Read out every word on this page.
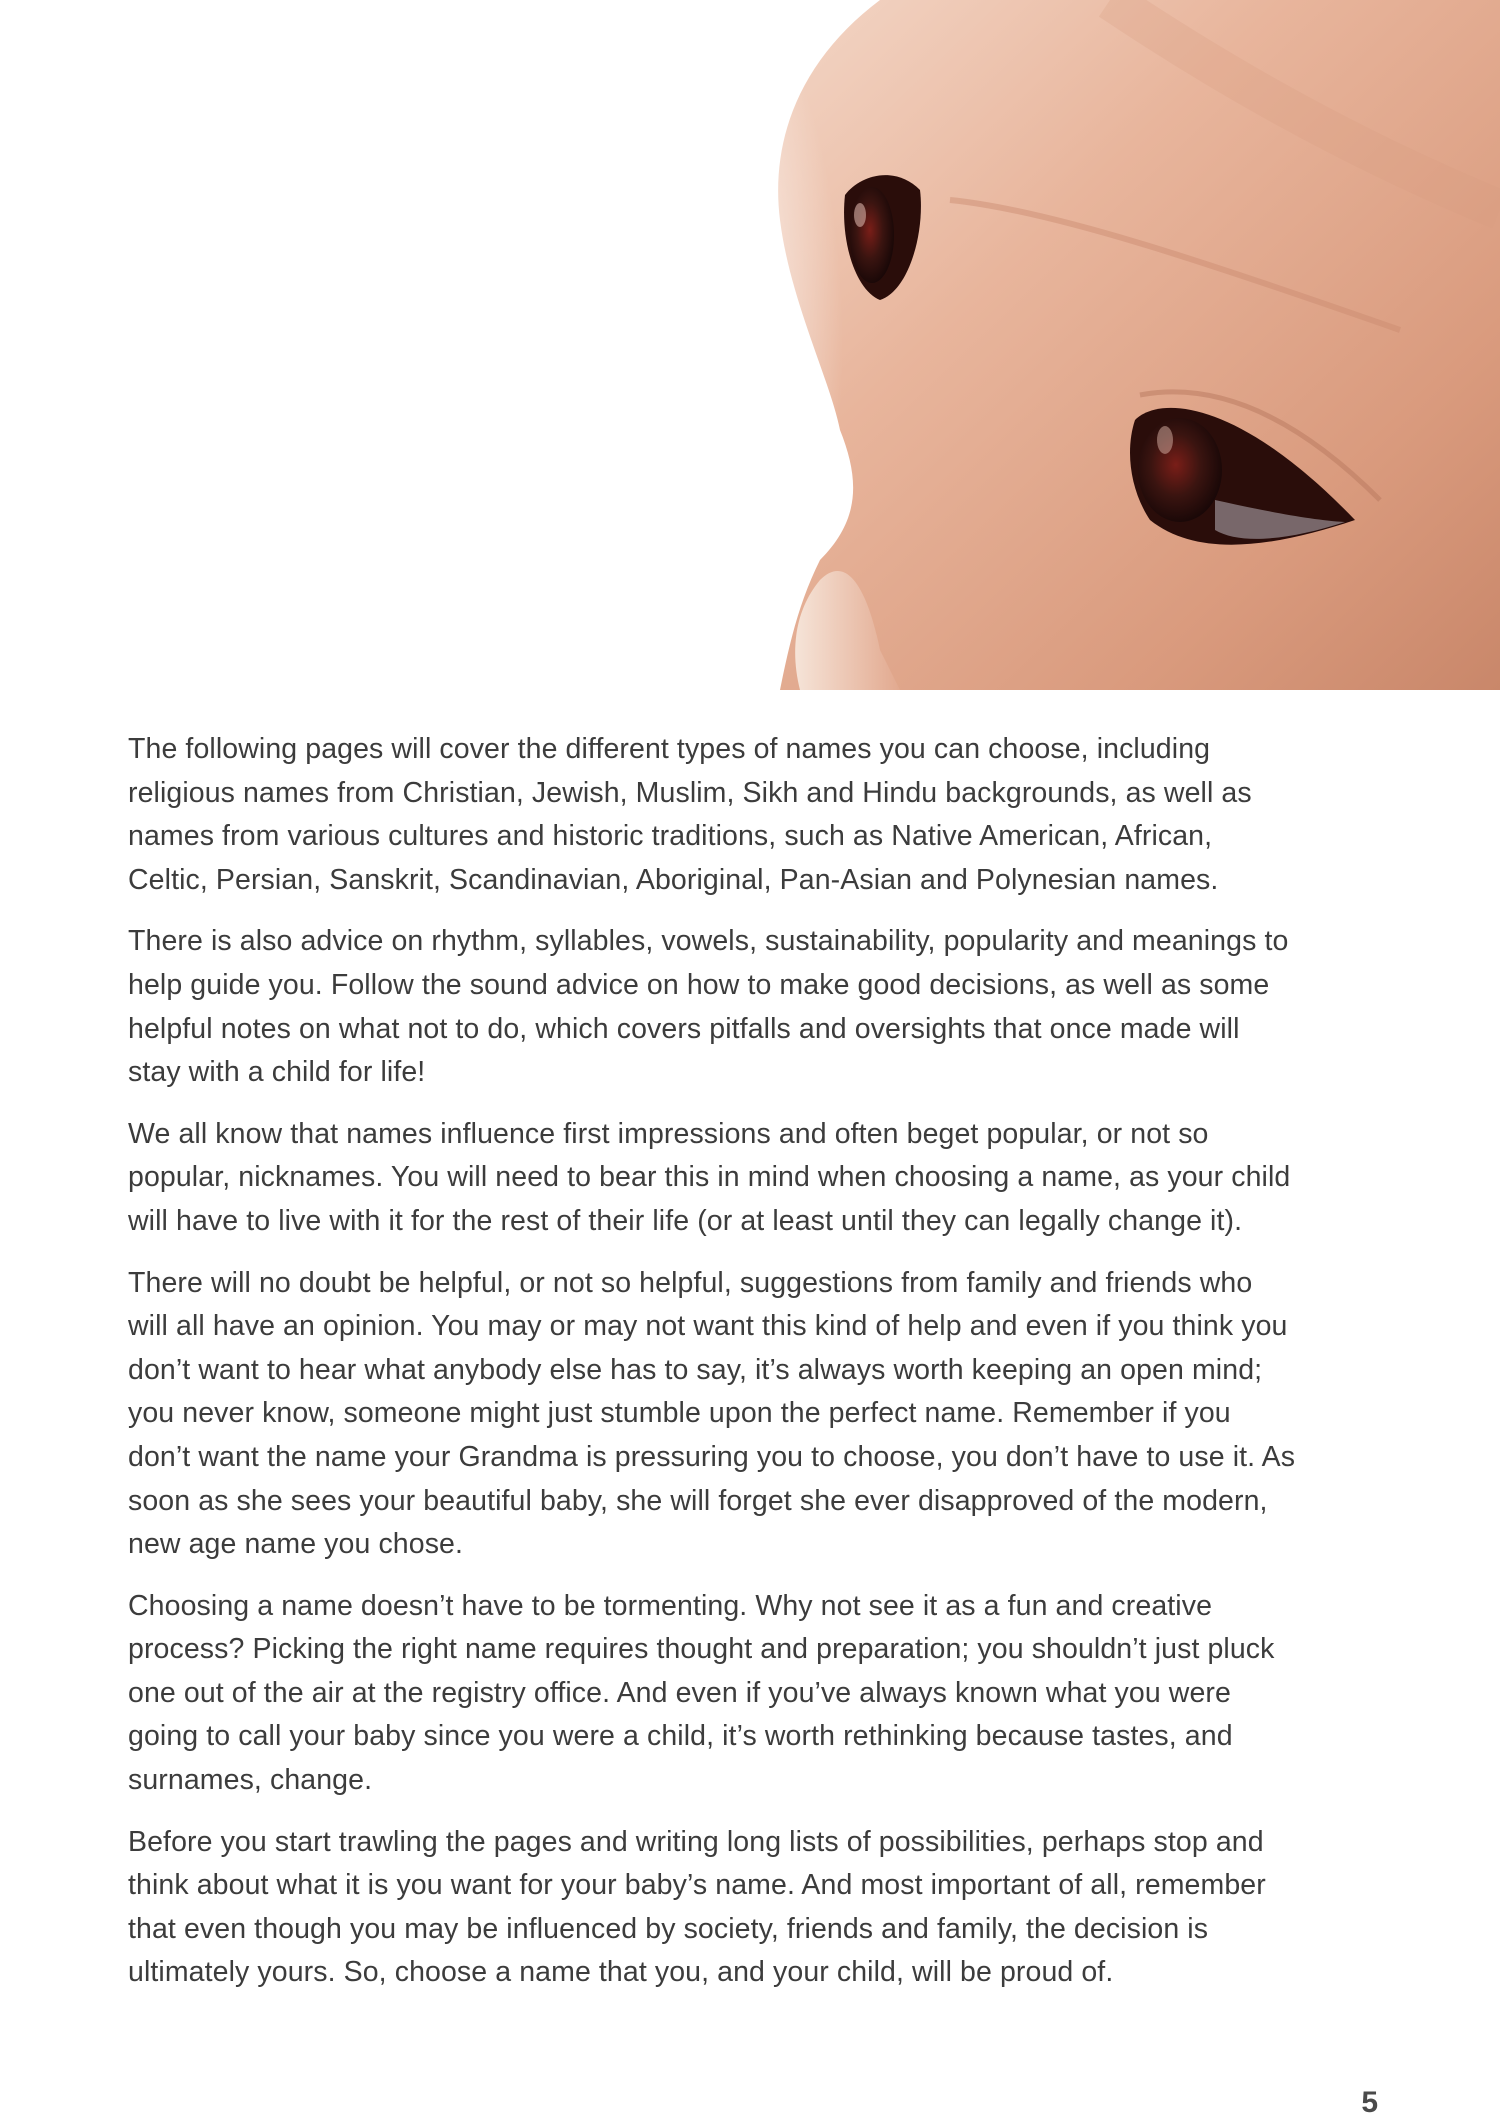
The following pages will cover the different types of names you can choose, including religious names from Christian, Jewish, Muslim, Sikh and Hindu backgrounds, as well as names from various cultures and historic traditions, such as Native American, African, Celtic, Persian, Sanskrit, Scandinavian, Aboriginal, Pan-Asian and Polynesian names.

There is also advice on rhythm, syllables, vowels, sustainability, popularity and meanings to help guide you. Follow the sound advice on how to make good decisions, as well as some helpful notes on what not to do, which covers pitfalls and oversights that once made will stay with a child for life!

We all know that names influence first impressions and often beget popular, or not so popular, nicknames. You will need to bear this in mind when choosing a name, as your child will have to live with it for the rest of their life (or at least until they can legally change it).

There will no doubt be helpful, or not so helpful, suggestions from family and friends who will all have an opinion. You may or may not want this kind of help and even if you think you don’t want to hear what anybody else has to say, it’s always worth keeping an open mind; you never know, someone might just stumble upon the perfect name. Remember if you don’t want the name your Grandma is pressuring you to choose, you don’t have to use it. As soon as she sees your beautiful baby, she will forget she ever disapproved of the modern, new age name you chose.

Choosing a name doesn’t have to be tormenting. Why not see it as a fun and creative process? Picking the right name requires thought and preparation; you shouldn’t just pluck one out of the air at the registry office. And even if you’ve always known what you were going to call your baby since you were a child, it’s worth rethinking because tastes, and surnames, change.

Before you start trawling the pages and writing long lists of possibilities, perhaps stop and think about what it is you want for your baby’s name. And most important of all, remember that even though you may be influenced by society, friends and family, the decision is ultimately yours. So, choose a name that you, and your child, will be proud of.

5
